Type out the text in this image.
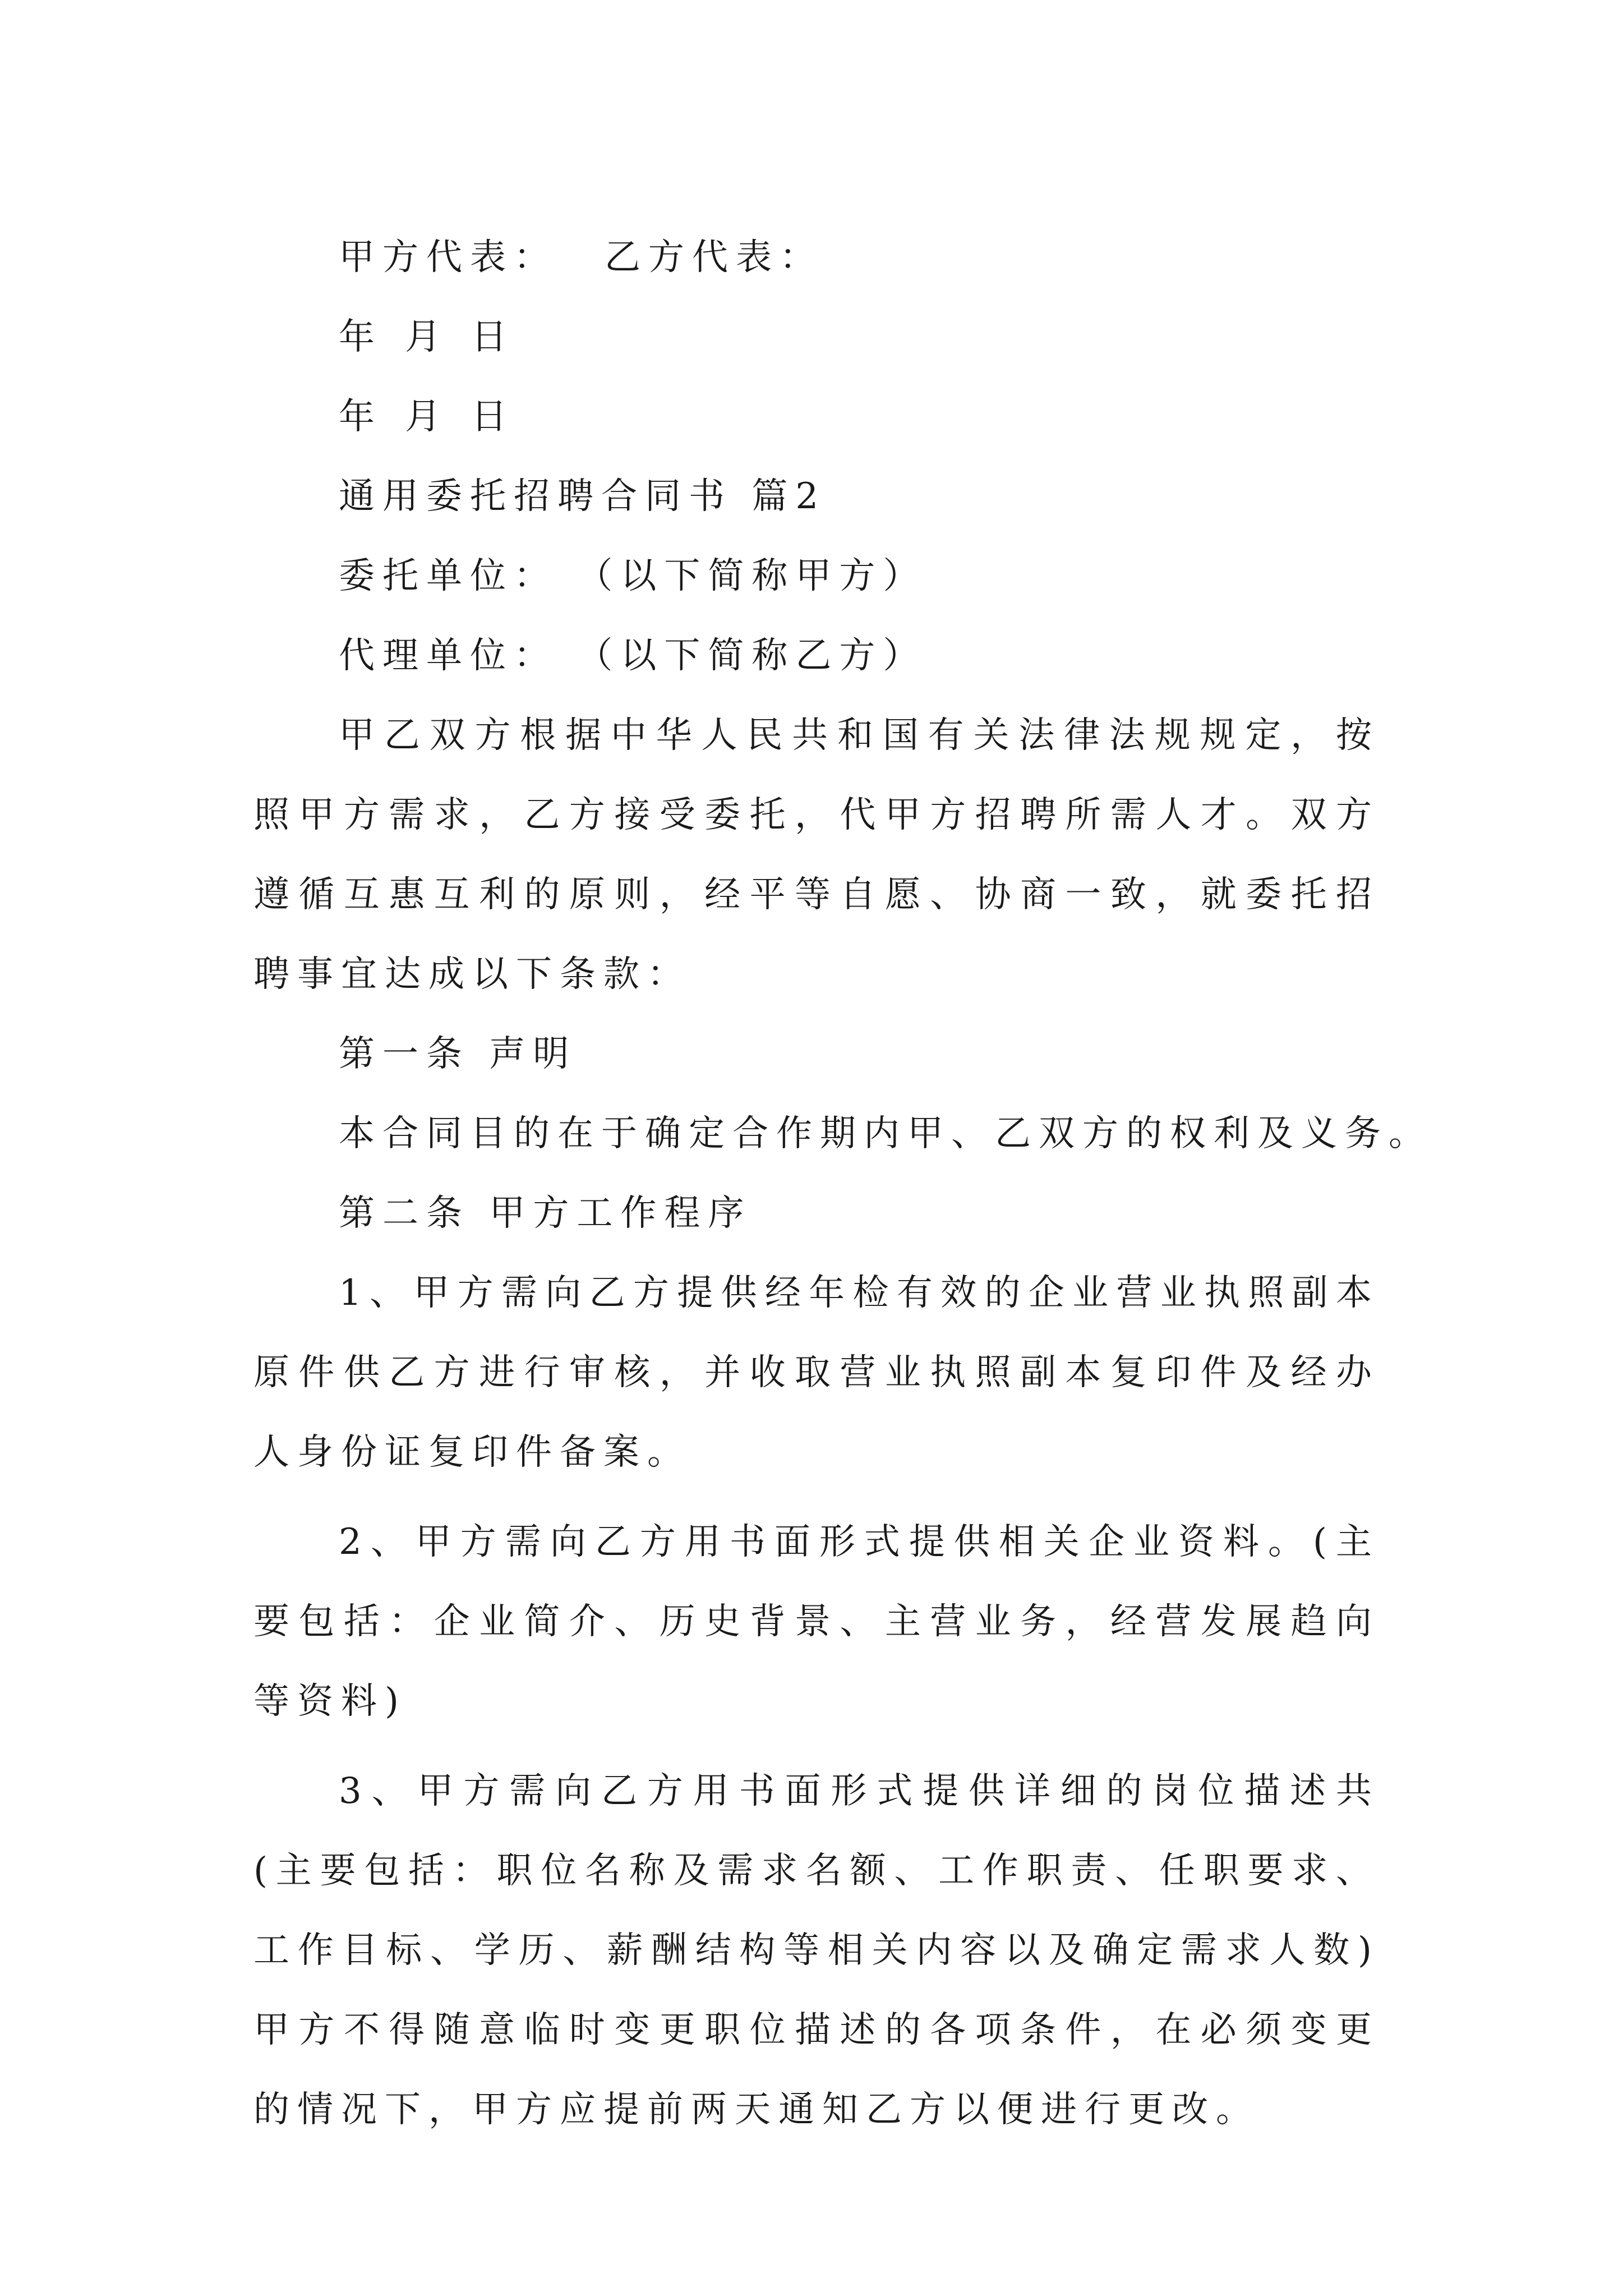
甲方代表： 乙方代表：

年 月 日

年 月 日

通用委托招聘合同书 篇2

委托单位： （以下简称甲方）

代理单位： （以下简称乙方）

甲乙双方根据中华人民共和国有关法律法规规定，按照甲方需求，乙方接受委托，代甲方招聘所需人才。双方遵循互惠互利的原则，经平等自愿、协商一致，就委托招聘事宜达成以下条款：

第一条 声明

本合同目的在于确定合作期内甲、乙双方的权利及义务。

第二条 甲方工作程序

1、甲方需向乙方提供经年检有效的企业营业执照副本原件供乙方进行审核，并收取营业执照副本复印件及经办人身份证复印件备案。

2、甲方需向乙方用书面形式提供相关企业资料。(主要包括：企业简介、历史背景、主营业务，经营发展趋向等资料)

3、甲方需向乙方用书面形式提供详细的岗位描述共(主要包括：职位名称及需求名额、工作职责、任职要求、工作目标、学历、薪酬结构等相关内容以及确定需求人数) 甲方不得随意临时变更职位描述的各项条件，在必须变更的情况下，甲方应提前两天通知乙方以便进行更改。
